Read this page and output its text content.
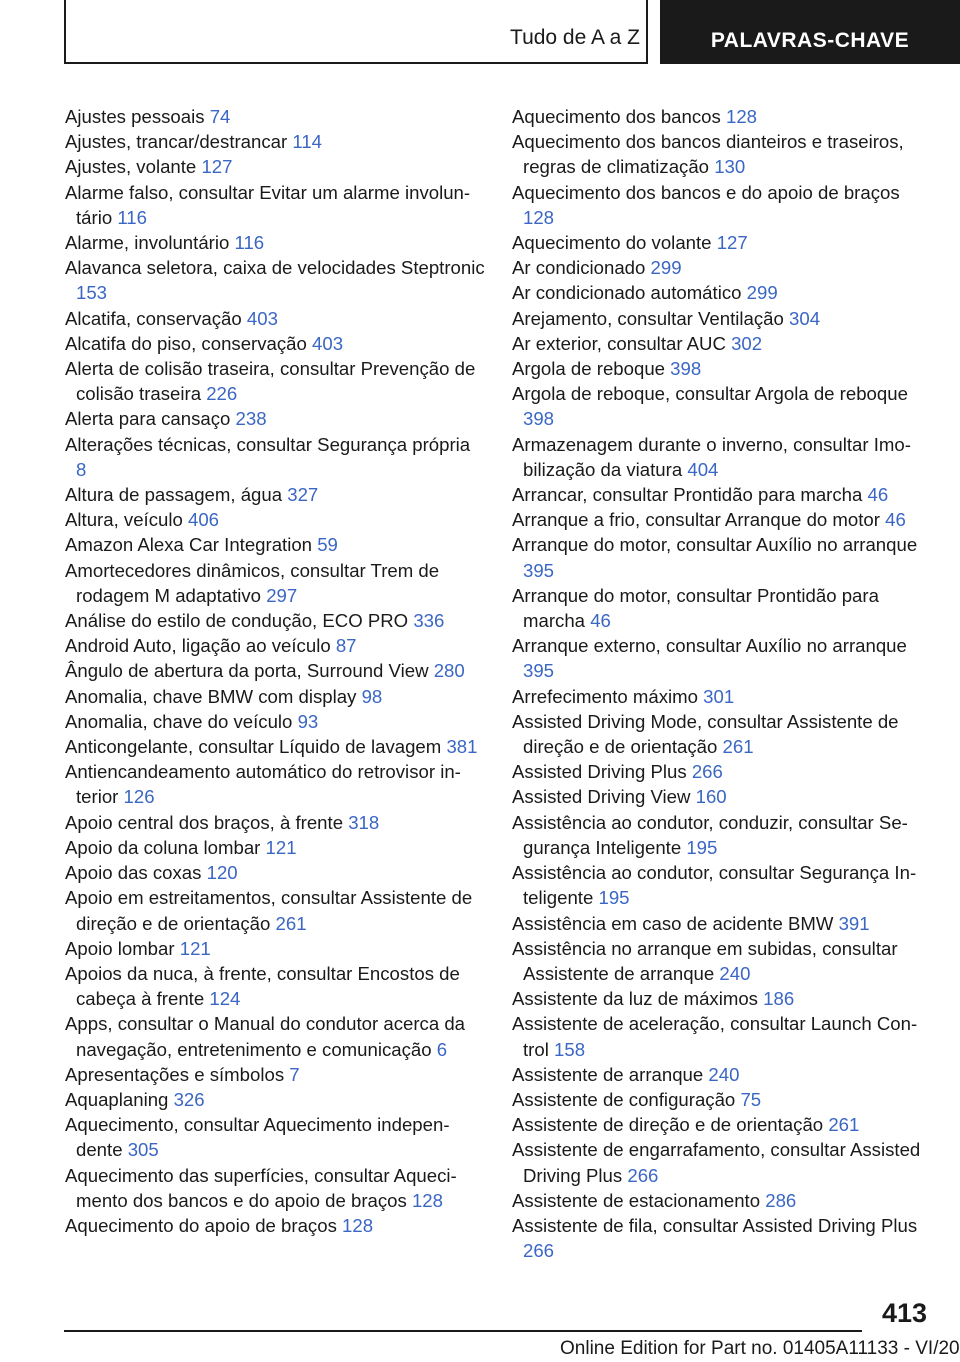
Tudo de A a Z	PALAVRAS-CHAVE
Ajustes pessoais 74
Ajustes, trancar/destrancar 114
Ajustes, volante 127
Alarme falso, consultar Evitar um alarme involuntário 116
Alarme, involuntário 116
Alavanca seletora, caixa de velocidades Steptronic 153
Alcatifa, conservação 403
Alcatifa do piso, conservação 403
Alerta de colisão traseira, consultar Prevenção de colisão traseira 226
Alerta para cansaço 238
Alterações técnicas, consultar Segurança própria 8
Altura de passagem, água 327
Altura, veículo 406
Amazon Alexa Car Integration 59
Amortecedores dinâmicos, consultar Trem de rodagem M adaptativo 297
Análise do estilo de condução, ECO PRO 336
Android Auto, ligação ao veículo 87
Ângulo de abertura da porta, Surround View 280
Anomalia, chave BMW com display 98
Anomalia, chave do veículo 93
Anticongelante, consultar Líquido de lavagem 381
Antiencandeamento automático do retrovisor interior 126
Apoio central dos braços, à frente 318
Apoio da coluna lombar 121
Apoio das coxas 120
Apoio em estreitamentos, consultar Assistente de direção e de orientação 261
Apoio lombar 121
Apoios da nuca, à frente, consultar Encostos de cabeça à frente 124
Apps, consultar o Manual do condutor acerca da navegação, entretenimento e comunicação 6
Apresentações e símbolos 7
Aquaplaning 326
Aquecimento, consultar Aquecimento independente 305
Aquecimento das superfícies, consultar Aquecimento dos bancos e do apoio de braços 128
Aquecimento do apoio de braços 128
Aquecimento dos bancos 128
Aquecimento dos bancos dianteiros e traseiros, regras de climatização 130
Aquecimento dos bancos e do apoio de braços 128
Aquecimento do volante 127
Ar condicionado 299
Ar condicionado automático 299
Arejamento, consultar Ventilação 304
Ar exterior, consultar AUC 302
Argola de reboque 398
Argola de reboque, consultar Argola de reboque 398
Armazenagem durante o inverno, consultar Imobilização da viatura 404
Arrancar, consultar Prontidão para marcha 46
Arranque a frio, consultar Arranque do motor 46
Arranque do motor, consultar Auxílio no arranque 395
Arranque do motor, consultar Prontidão para marcha 46
Arranque externo, consultar Auxílio no arranque 395
Arrefecimento máximo 301
Assisted Driving Mode, consultar Assistente de direção e de orientação 261
Assisted Driving Plus 266
Assisted Driving View 160
Assistência ao condutor, conduzir, consultar Segurança Inteligente 195
Assistência ao condutor, consultar Segurança Inteligente 195
Assistência em caso de acidente BMW 391
Assistência no arranque em subidas, consultar Assistente de arranque 240
Assistente da luz de máximos 186
Assistente de aceleração, consultar Launch Control 158
Assistente de arranque 240
Assistente de configuração 75
Assistente de direção e de orientação 261
Assistente de engarrafamento, consultar Assisted Driving Plus 266
Assistente de estacionamento 286
Assistente de fila, consultar Assisted Driving Plus 266
413
Online Edition for Part no. 01405A11133 - VI/20
